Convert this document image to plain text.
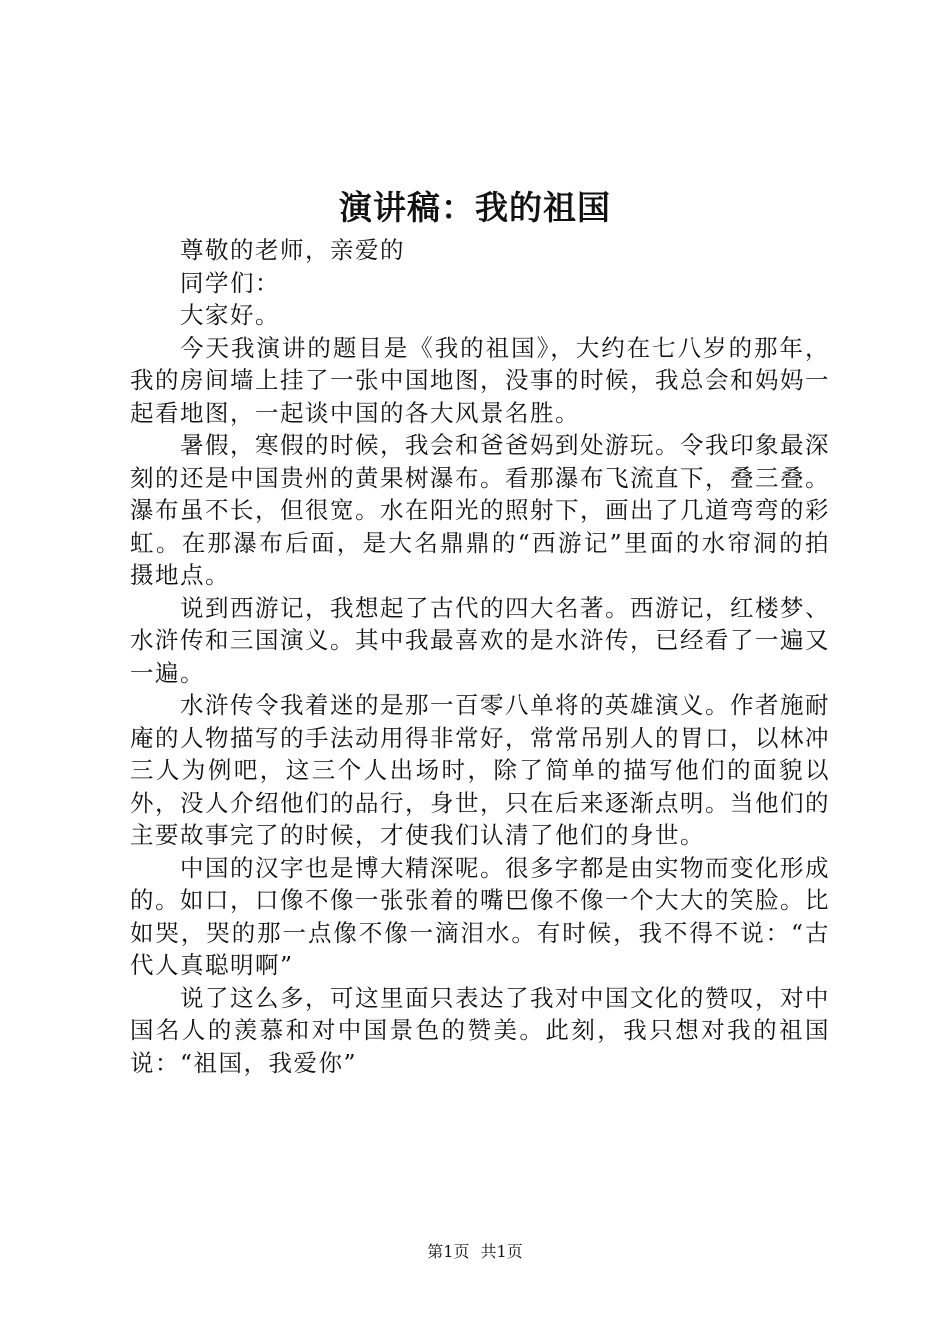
演讲稿：我的祖国

尊敬的老师，亲爱的

同学们：

大家好。

今天我演讲的题目是《我的祖国》，大约在七八岁的那年，我的房间墙上挂了一张中国地图，没事的时候，我总会和妈妈一起看地图，一起谈中国的各大风景名胜。

暑假，寒假的时候，我会和爸爸妈到处游玩。令我印象最深刻的还是中国贵州的黄果树瀑布。看那瀑布飞流直下，叠三叠。瀑布虽不长，但很宽。水在阳光的照射下，画出了几道弯弯的彩虹。在那瀑布后面，是大名鼎鼎的“西游记”里面的水帘洞的拍摄地点。

说到西游记，我想起了古代的四大名著。西游记，红楼梦、水浒传和三国演义。其中我最喜欢的是水浒传，已经看了一遍又一遍。

水浒传令我着迷的是那一百零八单将的英雄演义。作者施耐庵的人物描写的手法动用得非常好，常常吊别人的胃口，以林冲三人为例吧，这三个人出场时，除了简单的描写他们的面貌以外，没人介绍他们的品行，身世，只在后来逐渐点明。当他们的主要故事完了的时候，才使我们认清了他们的身世。

中国的汉字也是博大精深呢。很多字都是由实物而变化形成的。如口，口像不像一张张着的嘴巴像不像一个大大的笑脸。比如哭，哭的那一点像不像一滴泪水。有时候，我不得不说：“古代人真聪明啊”

说了这么多，可这里面只表达了我对中国文化的赞叹，对中国名人的羡慕和对中国景色的赞美。此刻，我只想对我的祖国说：“祖国，我爱你”

第1页 共1页
